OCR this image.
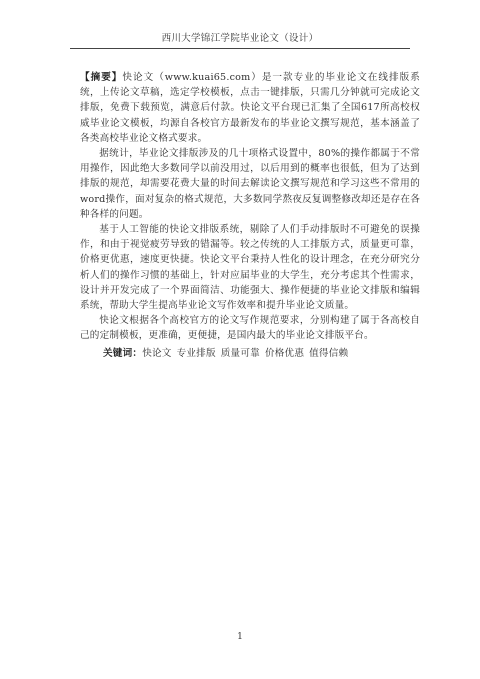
西川大学锦江学院毕业论文（设计）

【摘要】快论文（www.kuai65.com）是一款专业的毕业论文在线排版系统，上传论文草稿，选定学校模板，点击一键排版，只需几分钟就可完成论文排版，免费下载预览，满意后付款。快论文平台现已汇集了全国617所高校权威毕业论文模板，均源自各校官方最新发布的毕业论文撰写规范，基本涵盖了各类高校毕业论文格式要求。

据统计，毕业论文排版涉及的几十项格式设置中，80%的操作都属于不常用操作，因此绝大多数同学以前没用过，以后用到的概率也很低，但为了达到排版的规范，却需要花费大量的时间去解读论文撰写规范和学习这些不常用的word操作，面对复杂的格式规范，大多数同学熬夜反复调整修改却还是存在各种各样的问题。

基于人工智能的快论文排版系统，剔除了人们手动排版时不可避免的误操作，和由于视觉疲劳导致的错漏等。较之传统的人工排版方式，质量更可靠，价格更优惠，速度更快捷。快论文平台秉持人性化的设计理念，在充分研究分析人们的操作习惯的基础上，针对应届毕业的大学生，充分考虑其个性需求，设计并开发完成了一个界面简洁、功能强大、操作便捷的毕业论文排版和编辑系统，帮助大学生提高毕业论文写作效率和提升毕业论文质量。

快论文根据各个高校官方的论文写作规范要求，分别构建了属于各高校自己的定制模板，更准确，更便捷，是国内最大的毕业论文排版平台。

关键词：快论文 专业排版 质量可靠 价格优惠 值得信赖
1
